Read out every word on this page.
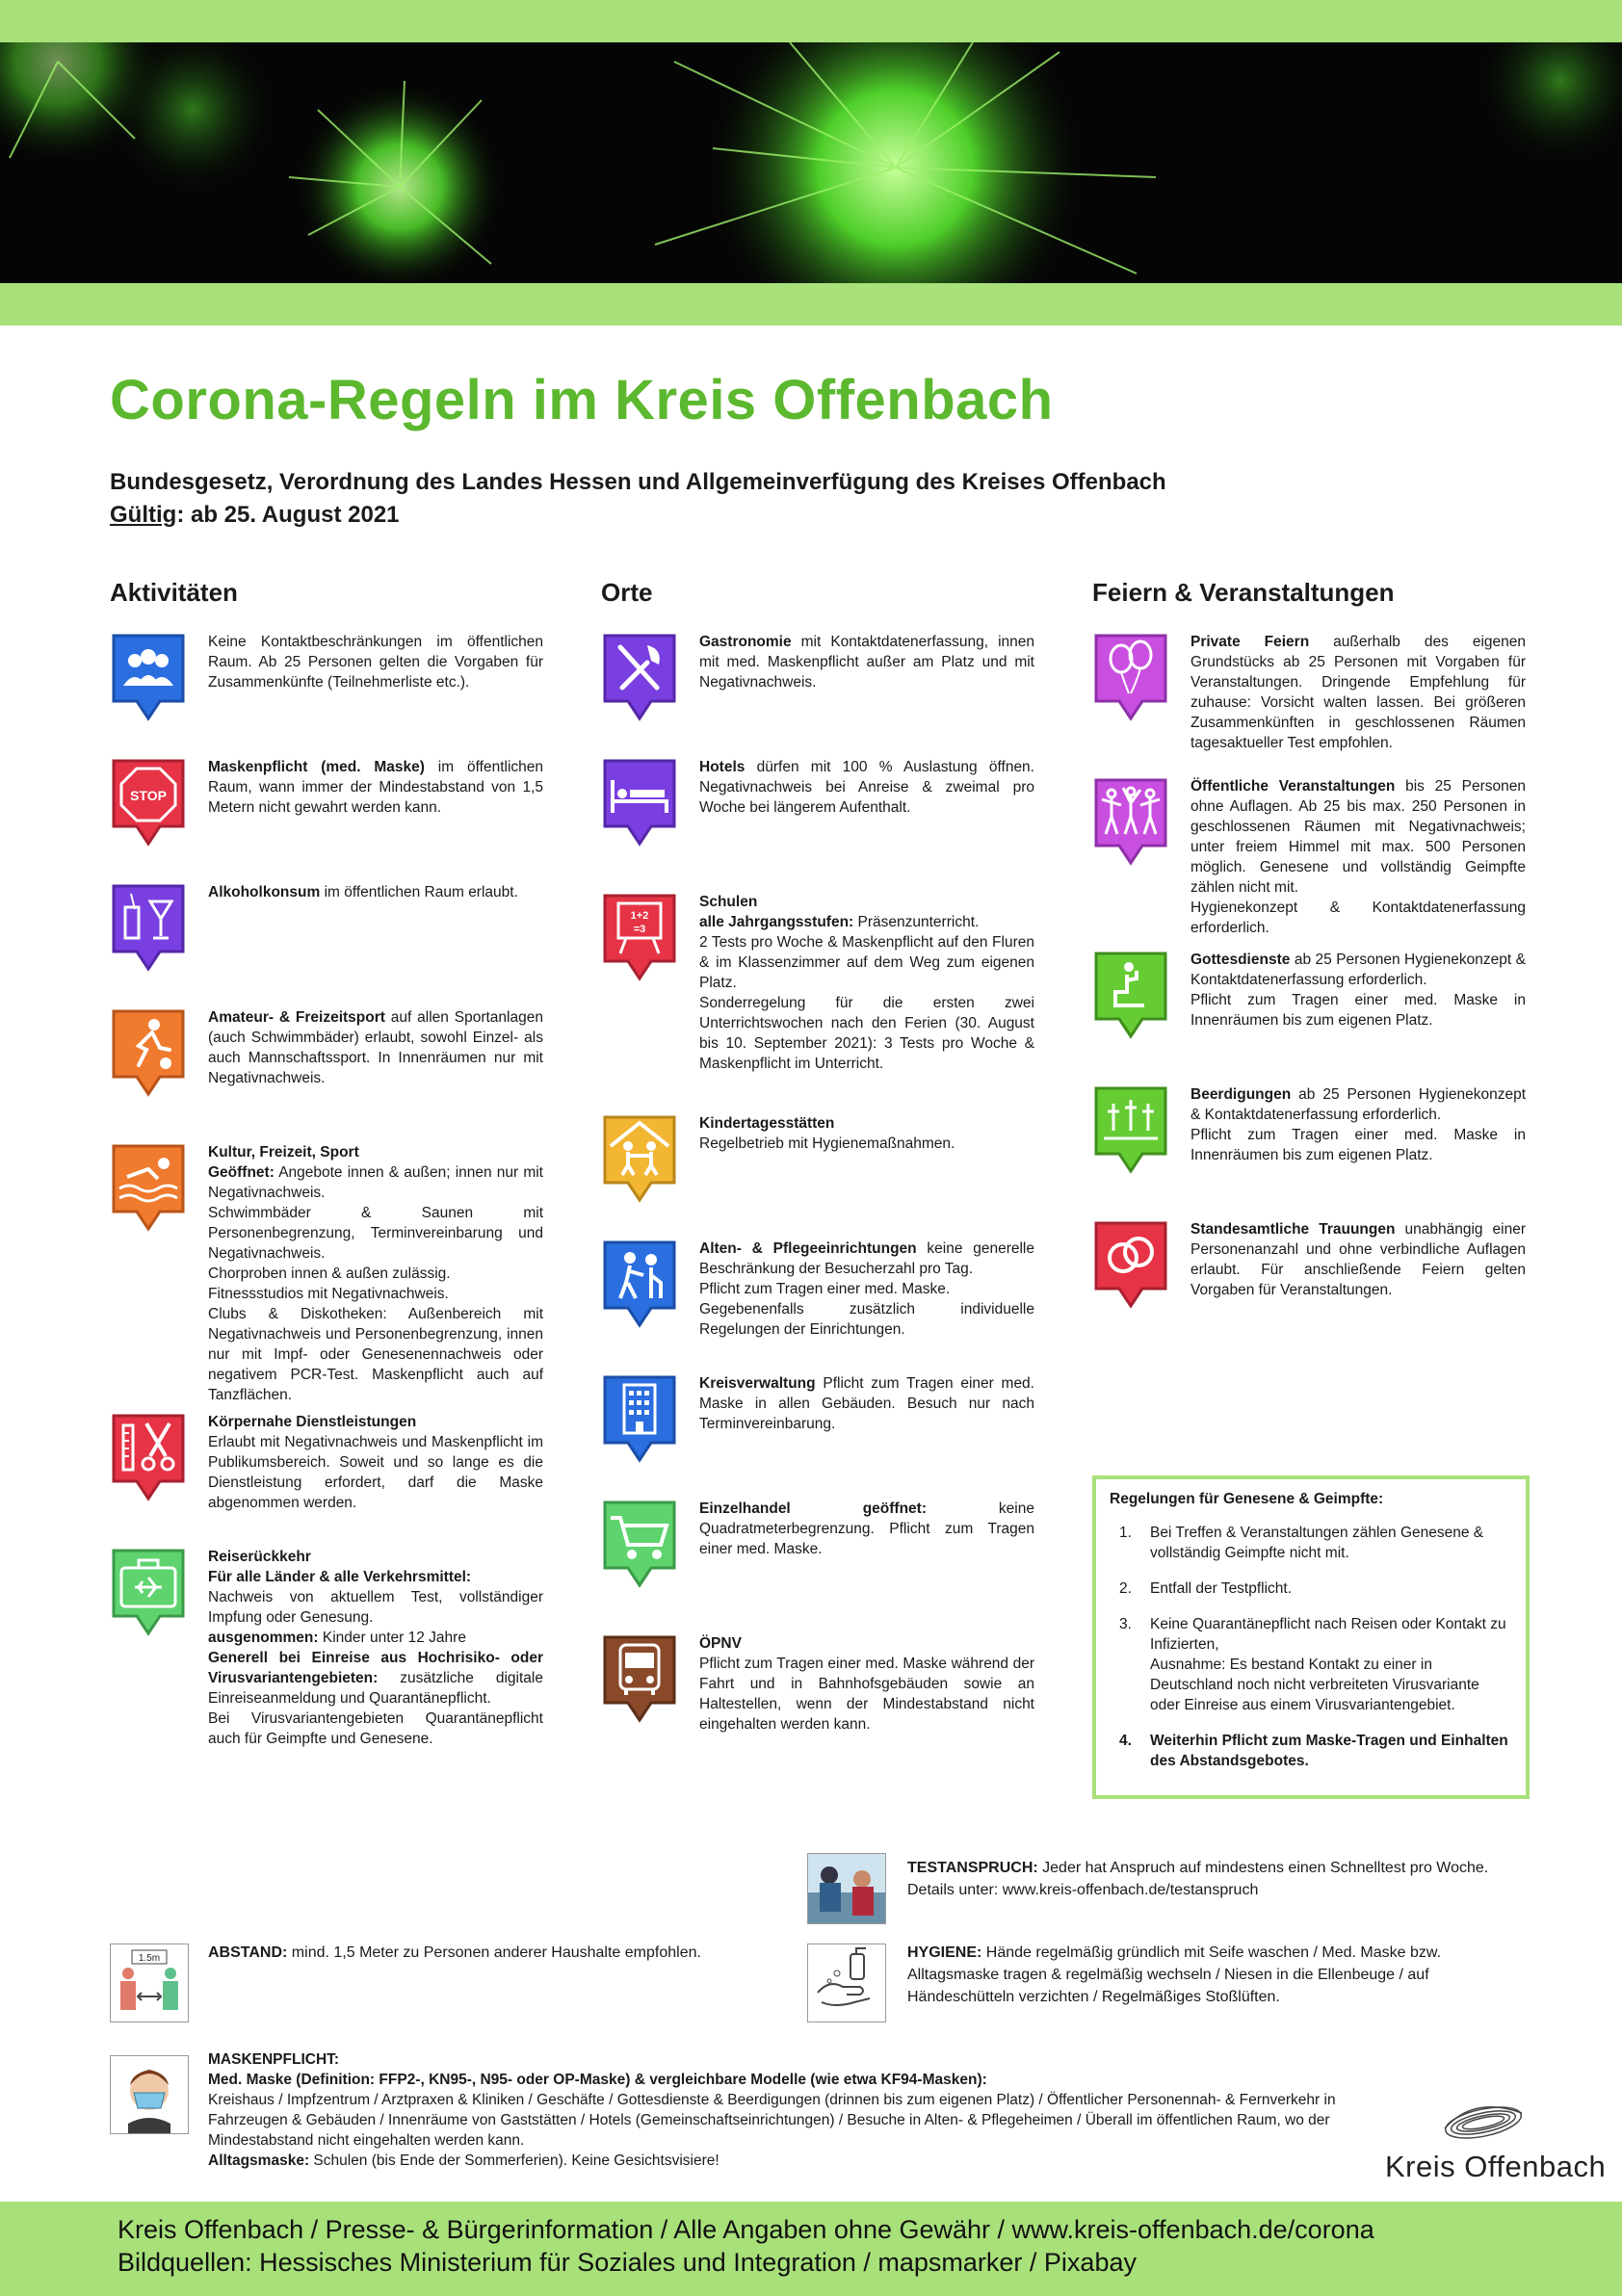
Corona-Regeln im Kreis Offenbach
Bundesgesetz, Verordnung des Landes Hessen und Allgemeinverfügung des Kreises Offenbach
Gültig: ab 25. August 2021
Aktivitäten	Orte	Feiern & Veranstaltungen
Keine Kontaktbeschränkungen im öffentlichen Raum. Ab 25 Personen gelten die Vorgaben für Zusammenkünfte (Teilnehmerliste etc.).
STOP
Maskenpflicht (med. Maske) im öffentlichen Raum, wann immer der Mindestabstand von 1,5 Metern nicht gewahrt werden kann.
Alkoholkonsum im öffentlichen Raum erlaubt.
Amateur- & Freizeitsport auf allen Sportanlagen (auch Schwimmbäder) erlaubt, sowohl Einzel- als auch Mannschaftssport. In Innenräumen nur mit Negativnachweis.
Kultur, Freizeit, Sport
Geöffnet: Angebote innen & außen; innen nur mit Negativnachweis.
Schwimmbäder & Saunen mit Personenbegrenzung, Terminvereinbarung und Negativnachweis.
Chorproben innen & außen zulässig.
Fitnessstudios mit Negativnachweis.
Clubs & Diskotheken: Außenbereich mit Negativnachweis und Personenbegrenzung, innen nur mit Impf- oder Genesenennachweis oder negativem PCR-Test. Maskenpflicht auch auf Tanzflächen.
Körpernahe Dienstleistungen
Erlaubt mit Negativnachweis und Maskenpflicht im Publikumsbereich. Soweit und so lange es die Dienstleistung erfordert, darf die Maske abgenommen werden.
Reiserückkehr
Für alle Länder & alle Verkehrsmittel:
Nachweis von aktuellem Test, vollständiger Impfung oder Genesung.
ausgenommen: Kinder unter 12 Jahre
Generell bei Einreise aus Hochrisiko- oder Virusvariantengebieten: zusätzliche digitale Einreiseanmeldung und Quarantänepflicht.
Bei Virusvariantengebieten Quarantänepflicht auch für Geimpfte und Genesene.
Gastronomie mit Kontaktdatenerfassung, innen mit med. Maskenpflicht außer am Platz und mit Negativnachweis.
Hotels dürfen mit 100 % Auslastung öffnen. Negativnachweis bei Anreise & zweimal pro Woche bei längerem Aufenthalt.
1+2
=3
Schulen
alle Jahrgangsstufen: Präsenzunterricht.
2 Tests pro Woche & Maskenpflicht auf den Fluren & im Klassenzimmer auf dem Weg zum eigenen Platz.
Sonderregelung für die ersten zwei Unterrichtswochen nach den Ferien (30. August bis 10. September 2021): 3 Tests pro Woche & Maskenpflicht im Unterricht.
Kindertagesstätten
Regelbetrieb mit Hygienemaßnahmen.
Alten- & Pflegeeinrichtungen keine generelle Beschränkung der Besucherzahl pro Tag.
Pflicht zum Tragen einer med. Maske.
Gegebenenfalls zusätzlich individuelle Regelungen der Einrichtungen.
Kreisverwaltung Pflicht zum Tragen einer med. Maske in allen Gebäuden. Besuch nur nach Terminvereinbarung.
Einzelhandel geöffnet: keine Quadratmeterbegrenzung. Pflicht zum Tragen einer med. Maske.
ÖPNV
Pflicht zum Tragen einer med. Maske während der Fahrt und in Bahnhofsgebäuden sowie an Haltestellen, wenn der Mindestabstand nicht eingehalten werden kann.
Private Feiern außerhalb des eigenen Grundstücks ab 25 Personen mit Vorgaben für Veranstaltungen. Dringende Empfehlung für zuhause: Vorsicht walten lassen. Bei größeren Zusammenkünften in geschlossenen Räumen tagesaktueller Test empfohlen.
Öffentliche Veranstaltungen bis 25 Personen ohne Auflagen. Ab 25 bis max. 250 Personen in geschlossenen Räumen mit Negativnachweis; unter freiem Himmel mit max. 500 Personen möglich. Genesene und vollständig Geimpfte zählen nicht mit.
Hygienekonzept & Kontaktdatenerfassung erforderlich.
Gottesdienste ab 25 Personen Hygienekonzept & Kontaktdatenerfassung erforderlich.
Pflicht zum Tragen einer med. Maske in Innenräumen bis zum eigenen Platz.
Beerdigungen ab 25 Personen Hygienekonzept & Kontaktdatenerfassung erforderlich.
Pflicht zum Tragen einer med. Maske in Innenräumen bis zum eigenen Platz.
Standesamtliche Trauungen unabhängig einer Personenanzahl und ohne verbindliche Auflagen erlaubt. Für anschließende Feiern gelten Vorgaben für Veranstaltungen.
Regelungen für Genesene & Geimpfte:
1. Bei Treffen & Veranstaltungen zählen Genesene & vollständig Geimpfte nicht mit.
2. Entfall der Testpflicht.
3. Keine Quarantänepflicht nach Reisen oder Kontakt zu Infizierten,
Ausnahme: Es bestand Kontakt zu einer in Deutschland noch nicht verbreiteten Virusvariante oder Einreise aus einem Virusvariantengebiet.
4. Weiterhin Pflicht zum Maske-Tragen und Einhalten des Abstandsgebotes.
TESTANSPRUCH: Jeder hat Anspruch auf mindestens einen Schnelltest pro Woche.
Details unter: www.kreis-offenbach.de/testanspruch
HYGIENE: Hände regelmäßig gründlich mit Seife waschen / Med. Maske bzw. Alltagsmaske tragen & regelmäßig wechseln / Niesen in die Ellenbeuge / auf Händeschütteln verzichten / Regelmäßiges Stoßlüften.
1.5m	ABSTAND: mind. 1,5 Meter zu Personen anderer Haushalte empfohlen.
MASKENPFLICHT:
Med. Maske (Definition: FFP2-, KN95-, N95- oder OP-Maske) & vergleichbare Modelle (wie etwa KF94-Masken):
Kreishaus / Impfzentrum / Arztpraxen & Kliniken / Geschäfte / Gottesdienste & Beerdigungen (drinnen bis zum eigenen Platz) / Öffentlicher Personennah- & Fernverkehr in Fahrzeugen & Gebäuden / Innenräume von Gaststätten / Hotels (Gemeinschaftseinrichtungen) / Besuche in Alten- & Pflegeheimen / Überall im öffentlichen Raum, wo der Mindestabstand nicht eingehalten werden kann.
Alltagsmaske: Schulen (bis Ende der Sommerferien). Keine Gesichtsvisiere!	Kreis Offenbach
Kreis Offenbach / Presse- & Bürgerinformation / Alle Angaben ohne Gewähr / www.kreis-offenbach.de/corona
Bildquellen: Hessisches Ministerium für Soziales und Integration / mapsmarker / Pixabay
